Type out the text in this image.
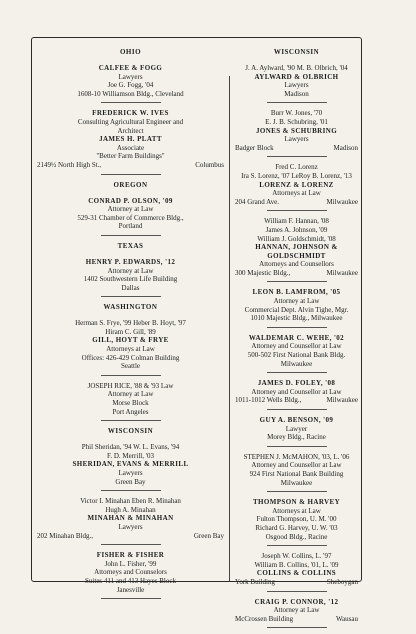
OHIO
CALFEE & FOGG
Lawyers
Joe G. Fogg, '04
1608-10 Williamson Bldg., Cleveland
FREDERICK W. IVES
Consulting Agricultural Engineer and
Architect
JAMES H. PLATT
Associate
"Better Farm Buildings"
2149½ North High St.,	Columbus
OREGON
CONRAD P. OLSON, '09
Attorney at Law
529-31 Chamber of Commerce Bldg.,
Portland
TEXAS
HENRY P. EDWARDS, '12
Attorney at Law
1402 Southwestern Life Building
Dallas
WASHINGTON
Herman S. Frye, '99 Heber B. Hoyt, '97
Hiram C. Gill, '89
GILL, HOYT & FRYE
Attorneys at Law
Offices: 426-429 Colman Building
Seattle
JOSEPH RICE, '88 & '93 Law
Attorney at Law
Morse Block
Port Angeles
WISCONSIN
Phil Sheridan, '94 W. L. Evans, '94
F. D. Merrill, '03
SHERIDAN, EVANS & MERRILL
Lawyers
Green Bay
Victor I. Minahan Eben R. Minahan
Hugh A. Minahan
MINAHAN & MINAHAN
Lawyers
202 Minahan Bldg.,	Green Bay
FISHER & FISHER
John L. Fisher, '99
Attorneys and Counselors
Suites 411 and 413 Hayes Block
Janesville
WISCONSIN
J. A. Aylward, '90 M. B. Olbrich, '04
AYLWARD & OLBRICH
Lawyers
Madison
Burr W. Jones, '70
E. J. B. Schubring, '01
JONES & SCHUBRING
Lawyers
Badger Block	Madison
Fred C. Lorenz
Ira S. Lorenz, '07 LeRoy B. Lorenz, '13
LORENZ & LORENZ
Attorneys at Law
204 Grand Ave.	Milwaukee
William F. Hannan, '08
James A. Johnson, '09
William J. Goldschmidt, '08
HANNAN, JOHNSON &
GOLDSCHMIDT
Attorneys and Counsellors
300 Majestic Bldg.,	Milwaukee
LEON B. LAMFROM, '05
Attorney at Law
Commercial Dept. Alvin Tighe, Mgr.
1010 Majestic Bldg., Milwaukee
WALDEMAR C. WEHE, '02
Attorney and Counsellor at Law
500-502 First National Bank Bldg.
Milwaukee
JAMES D. FOLEY, '08
Attorney and Counsellor at Law
1011-1012 Wells Bldg.,	Milwaukee
GUY A. BENSON, '09
Lawyer
Morey Bldg., Racine
STEPHEN J. McMAHON, '03, L. '06
Attorney and Counsellor at Law
924 First National Bank Building
Milwaukee
THOMPSON & HARVEY
Attorneys at Law
Fulton Thompson, U. M. '00
Richard G. Harvey, U. W. '03
Osgood Bldg., Racine
Joseph W. Collins, L. '97
William B. Collins, '01, L. '09
COLLINS & COLLINS
York Building	Sheboygan
CRAIG P. CONNOR, '12
Attorney at Law
McCrossen Building	Wausau
